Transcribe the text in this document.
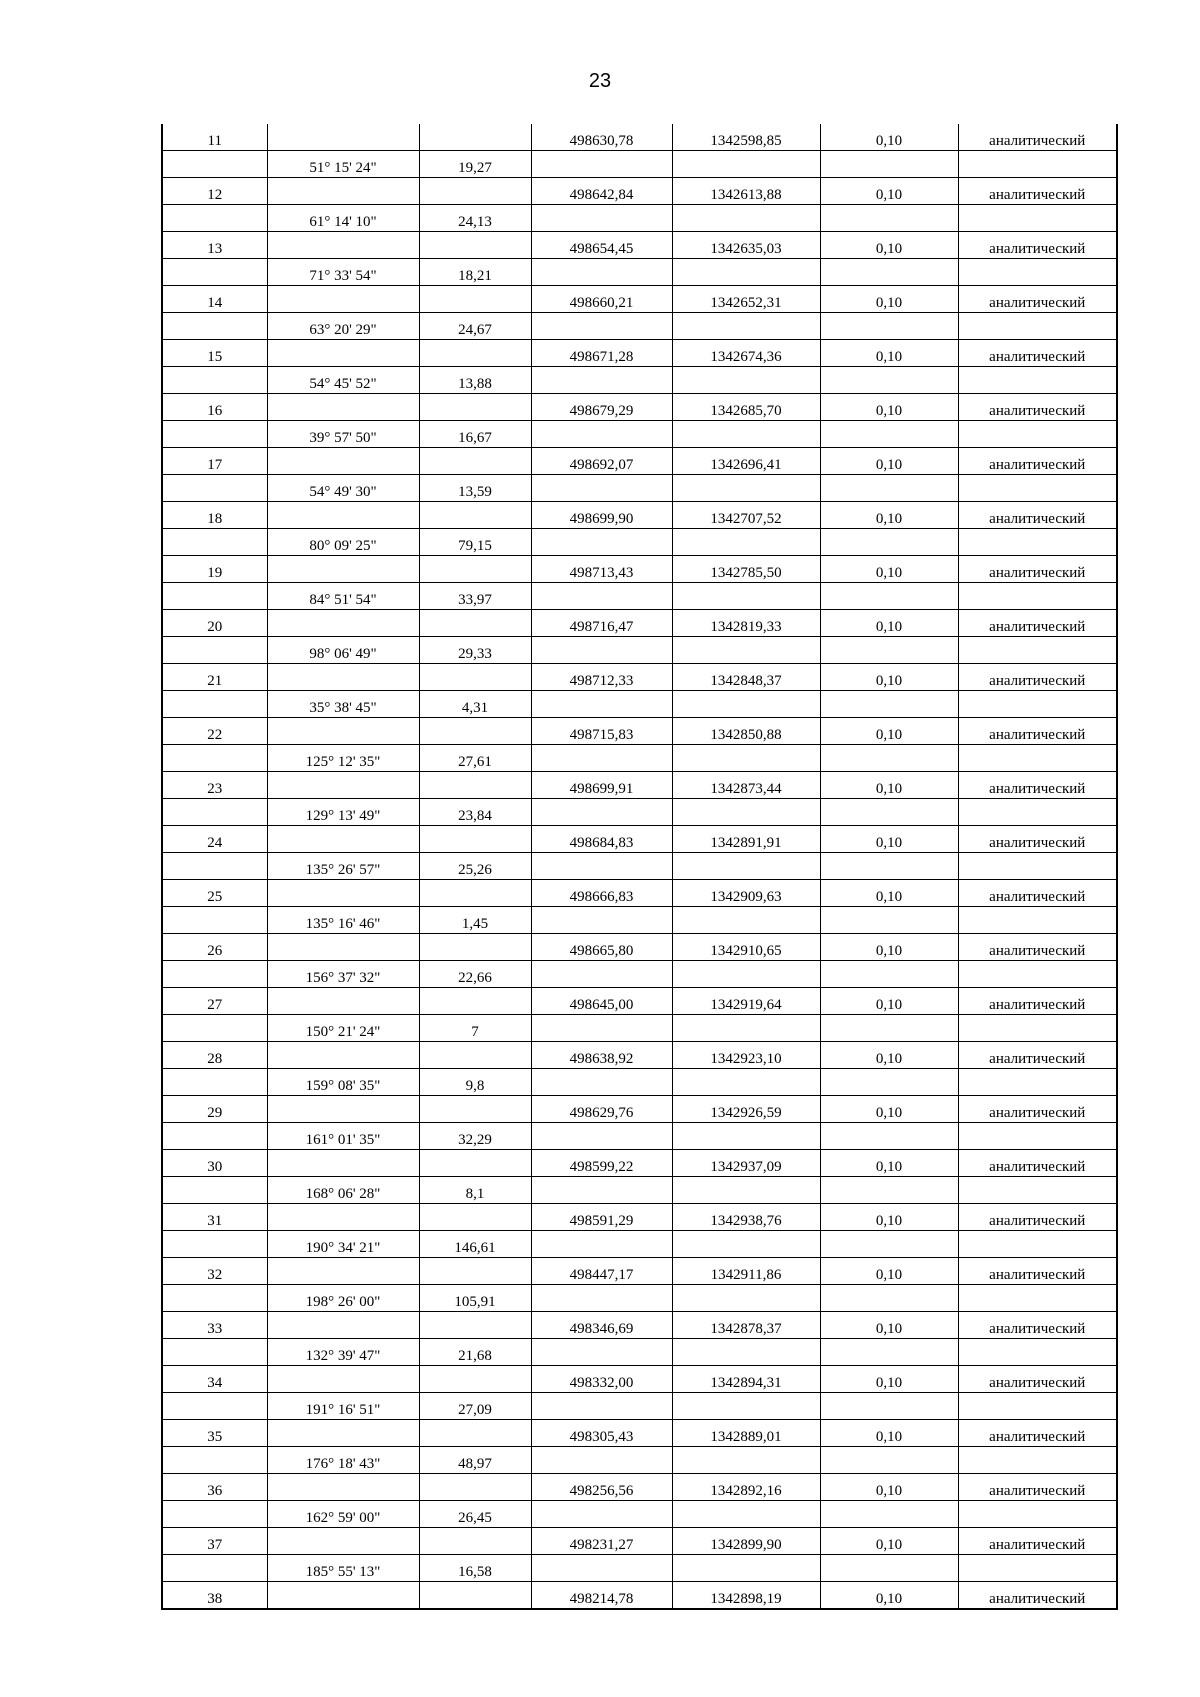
23
11			498630,78	1342598,85	0,10	аналитический
	51° 15' 24"	19,27				
12			498642,84	1342613,88	0,10	аналитический
	61° 14' 10"	24,13				
13			498654,45	1342635,03	0,10	аналитический
	71° 33' 54"	18,21				
14			498660,21	1342652,31	0,10	аналитический
	63° 20' 29"	24,67				
15			498671,28	1342674,36	0,10	аналитический
	54° 45' 52"	13,88				
16			498679,29	1342685,70	0,10	аналитический
	39° 57' 50"	16,67				
17			498692,07	1342696,41	0,10	аналитический
	54° 49' 30"	13,59				
18			498699,90	1342707,52	0,10	аналитический
	80° 09' 25"	79,15				
19			498713,43	1342785,50	0,10	аналитический
	84° 51' 54"	33,97				
20			498716,47	1342819,33	0,10	аналитический
	98° 06' 49"	29,33				
21			498712,33	1342848,37	0,10	аналитический
	35° 38' 45"	4,31				
22			498715,83	1342850,88	0,10	аналитический
	125° 12' 35"	27,61				
23			498699,91	1342873,44	0,10	аналитический
	129° 13' 49"	23,84				
24			498684,83	1342891,91	0,10	аналитический
	135° 26' 57"	25,26				
25			498666,83	1342909,63	0,10	аналитический
	135° 16' 46"	1,45				
26			498665,80	1342910,65	0,10	аналитический
	156° 37' 32"	22,66				
27			498645,00	1342919,64	0,10	аналитический
	150° 21' 24"	7				
28			498638,92	1342923,10	0,10	аналитический
	159° 08' 35"	9,8				
29			498629,76	1342926,59	0,10	аналитический
	161° 01' 35"	32,29				
30			498599,22	1342937,09	0,10	аналитический
	168° 06' 28"	8,1				
31			498591,29	1342938,76	0,10	аналитический
	190° 34' 21"	146,61				
32			498447,17	1342911,86	0,10	аналитический
	198° 26' 00"	105,91				
33			498346,69	1342878,37	0,10	аналитический
	132° 39' 47"	21,68				
34			498332,00	1342894,31	0,10	аналитический
	191° 16' 51"	27,09				
35			498305,43	1342889,01	0,10	аналитический
	176° 18' 43"	48,97				
36			498256,56	1342892,16	0,10	аналитический
	162° 59' 00"	26,45				
37			498231,27	1342899,90	0,10	аналитический
	185° 55' 13"	16,58				
38			498214,78	1342898,19	0,10	аналитический
